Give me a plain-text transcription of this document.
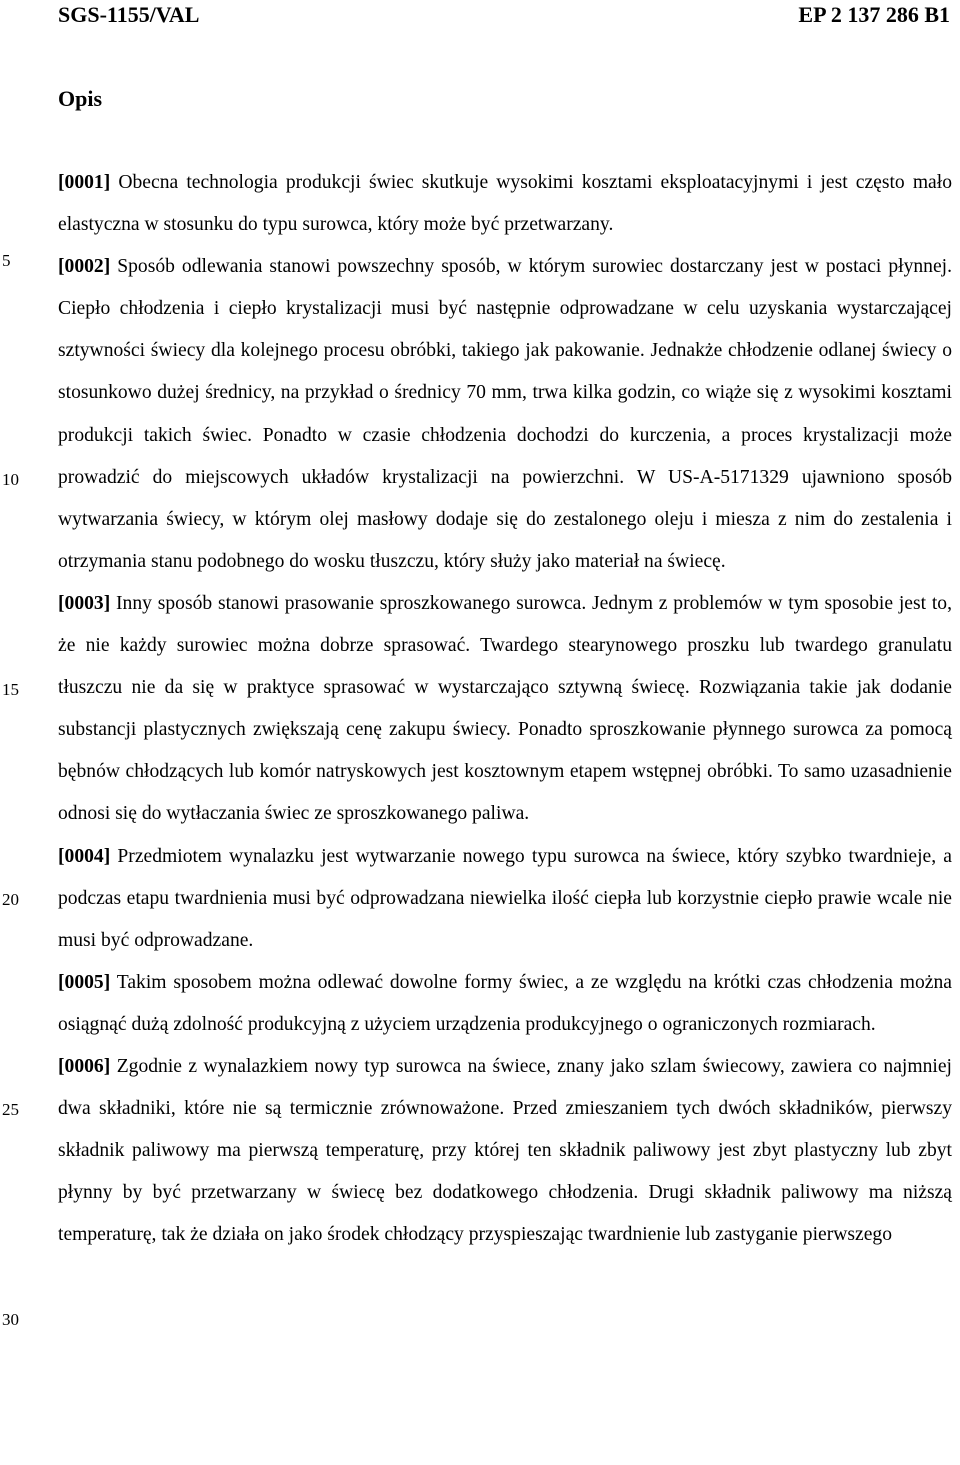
SGS-1155/VAL	EP 2 137 286 B1
Opis
5
10
15
20
25
30

[0001] Obecna technologia produkcji świec skutkuje wysokimi kosztami eksploatacyjnymi i jest często mało elastyczna w stosunku do typu surowca, który może być przetwarzany.

[0002] Sposób odlewania stanowi powszechny sposób, w którym surowiec dostarczany jest w postaci płynnej. Ciepło chłodzenia i ciepło krystalizacji musi być następnie odprowadzane w celu uzyskania wystarczającej sztywności świecy dla kolejnego procesu obróbki, takiego jak pakowanie. Jednakże chłodzenie odlanej świecy o stosunkowo dużej średnicy, na przykład o średnicy 70 mm, trwa kilka godzin, co wiąże się z wysokimi kosztami produkcji takich świec. Ponadto w czasie chłodzenia dochodzi do kurczenia, a proces krystalizacji może prowadzić do miejscowych układów krystalizacji na powierzchni. W US-A-5171329 ujawniono sposób wytwarzania świecy, w którym olej masłowy dodaje się do zestalonego oleju i miesza z nim do zestalenia i otrzymania stanu podobnego do wosku tłuszczu, który służy jako materiał na świecę.

[0003] Inny sposób stanowi prasowanie sproszkowanego surowca. Jednym z problemów w tym sposobie jest to, że nie każdy surowiec można dobrze sprasować. Twardego stearynowego proszku lub twardego granulatu tłuszczu nie da się w praktyce sprasować w wystarczająco sztywną świecę. Rozwiązania takie jak dodanie substancji plastycznych zwiększają cenę zakupu świecy. Ponadto sproszkowanie płynnego surowca za pomocą bębnów chłodzących lub komór natryskowych jest kosztownym etapem wstępnej obróbki. To samo uzasadnienie odnosi się do wytłaczania świec ze sproszkowanego paliwa.

[0004] Przedmiotem wynalazku jest wytwarzanie nowego typu surowca na świece, który szybko twardnieje, a podczas etapu twardnienia musi być odprowadzana niewielka ilość ciepła lub korzystnie ciepło prawie wcale nie musi być odprowadzane.

[0005] Takim sposobem można odlewać dowolne formy świec, a ze względu na krótki czas chłodzenia można osiągnąć dużą zdolność produkcyjną z użyciem urządzenia produkcyjnego o ograniczonych rozmiarach.

[0006] Zgodnie z wynalazkiem nowy typ surowca na świece, znany jako szlam świecowy, zawiera co najmniej dwa składniki, które nie są termicznie zrównoważone. Przed zmieszaniem tych dwóch składników, pierwszy składnik paliwowy ma pierwszą temperaturę, przy której ten składnik paliwowy jest zbyt plastyczny lub zbyt płynny by być przetwarzany w świecę bez dodatkowego chłodzenia. Drugi składnik paliwowy ma niższą temperaturę, tak że działa on jako środek chłodzący przyspieszając twardnienie lub zastyganie pierwszego
